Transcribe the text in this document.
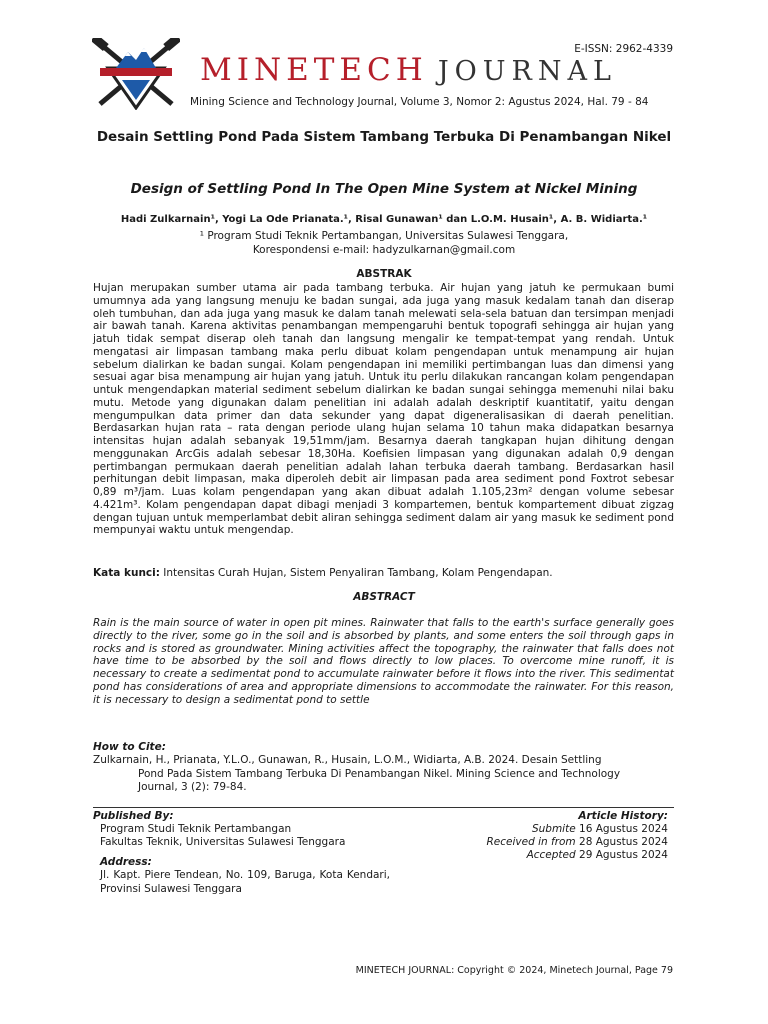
E-ISSN: 2962-4339
MINETECH JOURNAL
Mining Science and Technology Journal, Volume 3, Nomor 2: Agustus 2024, Hal. 79 - 84
Desain Settling Pond Pada Sistem Tambang Terbuka Di Penambangan Nikel
Design of Settling Pond In The Open Mine System at Nickel Mining
Hadi Zulkarnain¹, Yogi La Ode Prianata.¹, Risal Gunawan¹ dan L.O.M. Husain¹, A. B. Widiarta.¹
¹ Program Studi Teknik Pertambangan, Universitas Sulawesi Tenggara,
Korespondensi e-mail: hadyzulkarnan@gmail.com
ABSTRAK
Hujan merupakan sumber utama air pada tambang terbuka. Air hujan yang jatuh ke permukaan bumi umumnya ada yang langsung menuju ke badan sungai, ada juga yang masuk kedalam tanah dan diserap oleh tumbuhan, dan ada juga yang masuk ke dalam tanah melewati sela-sela batuan dan tersimpan menjadi air bawah tanah. Karena aktivitas penambangan mempengaruhi bentuk topografi sehingga air hujan yang jatuh tidak sempat diserap oleh tanah dan langsung mengalir ke tempat-tempat yang rendah. Untuk mengatasi air limpasan tambang maka perlu dibuat kolam pengendapan untuk menampung air hujan sebelum dialirkan ke badan sungai. Kolam pengendapan ini memiliki pertimbangan luas dan dimensi yang sesuai agar bisa menampung air hujan yang jatuh. Untuk itu perlu dilakukan rancangan kolam pengendapan untuk mengendapkan material sediment sebelum dialirkan ke badan sungai sehingga memenuhi nilai baku mutu. Metode yang digunakan dalam penelitian ini adalah adalah deskriptif kuantitatif, yaitu dengan mengumpulkan data primer dan data sekunder yang dapat digeneralisasikan di daerah penelitian. Berdasarkan hujan rata – rata dengan periode ulang hujan selama 10 tahun maka didapatkan besarnya intensitas hujan adalah sebanyak 19,51mm/jam. Besarnya daerah tangkapan hujan dihitung dengan menggunakan ArcGis adalah sebesar 18,30Ha. Koefisien limpasan yang digunakan adalah 0,9 dengan pertimbangan permukaan daerah penelitian adalah lahan terbuka daerah tambang. Berdasarkan hasil perhitungan debit limpasan, maka diperoleh debit air limpasan pada area sediment pond Foxtrot sebesar 0,89 m³/jam. Luas kolam pengendapan yang akan dibuat adalah 1.105,23m² dengan volume sebesar 4.421m³. Kolam pengendapan dapat dibagi menjadi 3 kompartemen, bentuk kompartement dibuat zigzag dengan tujuan untuk memperlambat debit aliran sehingga sediment dalam air yang masuk ke sediment pond mempunyai waktu untuk mengendap.
Kata kunci: Intensitas Curah Hujan, Sistem Penyaliran Tambang, Kolam Pengendapan.
ABSTRACT
Rain is the main source of water in open pit mines. Rainwater that falls to the earth's surface generally goes directly to the river, some go in the soil and is absorbed by plants, and some enters the soil through gaps in rocks and is stored as groundwater. Mining activities affect the topography, the rainwater that falls does not have time to be absorbed by the soil and flows directly to low places. To overcome mine runoff, it is necessary to create a sedimentat pond to accumulate rainwater before it flows into the river. This sedimentat pond has considerations of area and appropriate dimensions to accommodate the rainwater. For this reason, it is necessary to design a sedimentat pond to settle
How to Cite:
Zulkarnain, H., Prianata, Y.L.O., Gunawan, R., Husain, L.O.M., Widiarta, A.B. 2024. Desain Settling
Pond Pada Sistem Tambang Terbuka Di Penambangan Nikel. Mining Science and Technology
Journal, 3 (2): 79-84.
Published By:
Program Studi Teknik Pertambangan
Fakultas Teknik, Universitas Sulawesi Tenggara
Address:
Jl. Kapt. Piere Tendean, No. 109, Baruga, Kota Kendari, Provinsi Sulawesi Tenggara
Article History:
Submite 16 Agustus 2024
Received in from 28 Agustus 2024
Accepted 29 Agustus 2024
MINETECH JOURNAL: Copyright © 2024, Minetech Journal, Page 79
